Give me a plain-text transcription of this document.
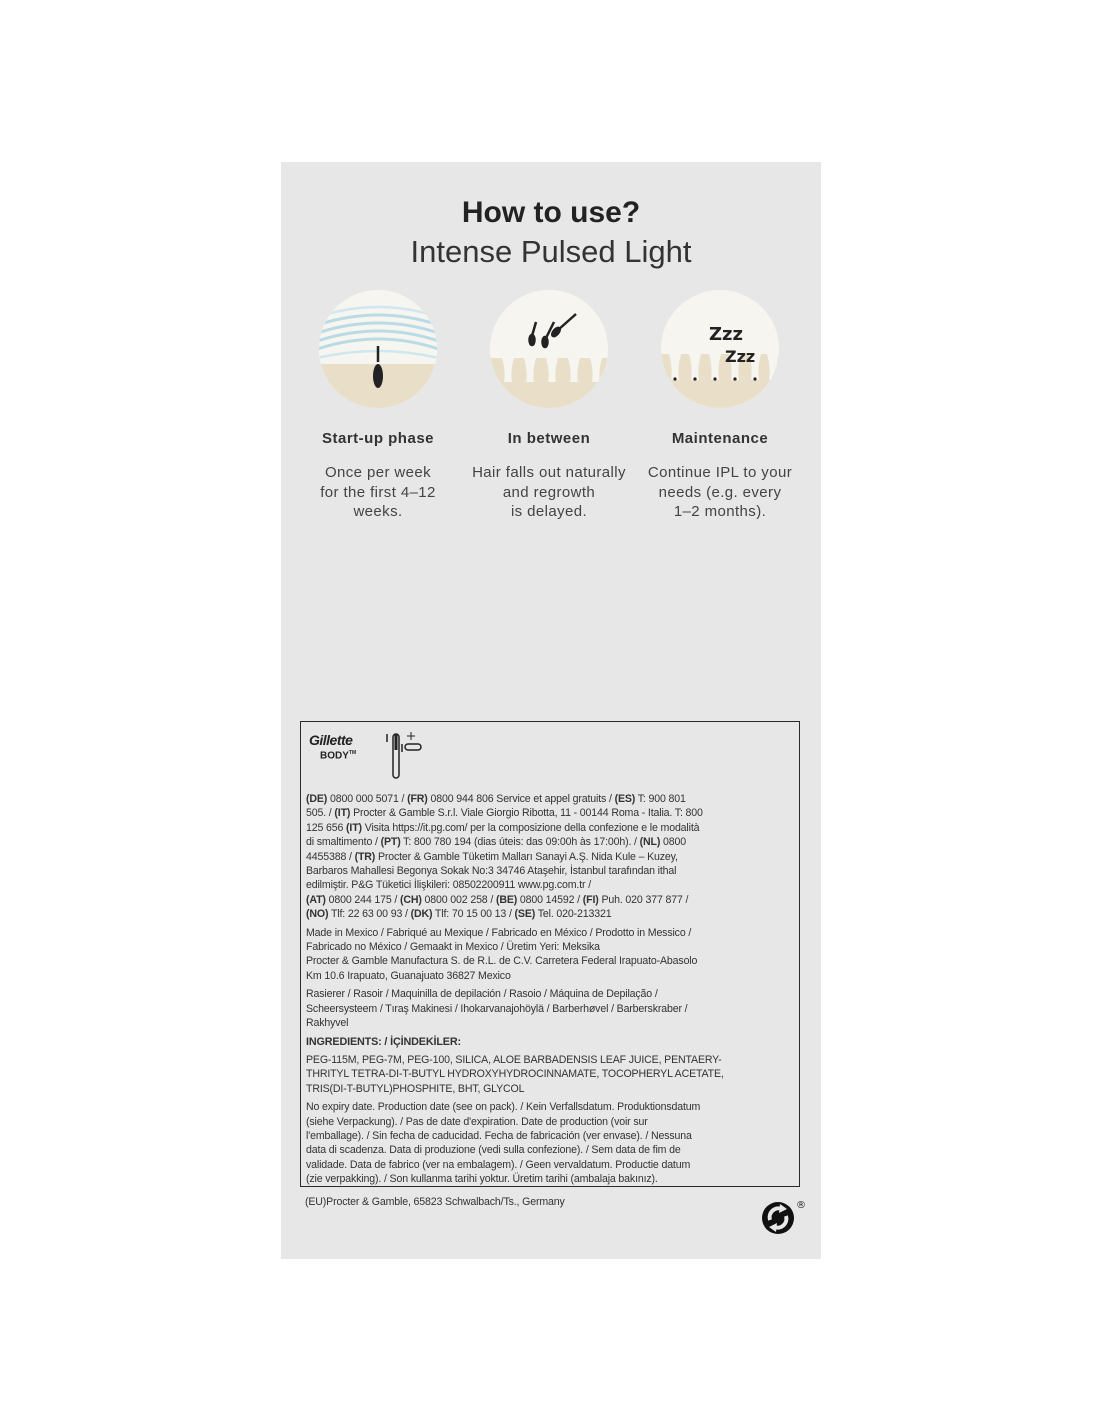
How to use?
Intense Pulsed Light
Start-up phase
Once per week
for the first 4–12
weeks.
In between
Hair falls out naturally
and regrowth
is delayed.
Zzz
Zzz
Maintenance
Continue IPL to your
needs (e.g. every
1–2 months).
Gillette
BODY™
(DE) 0800 000 5071 / (FR) 0800 944 806 Service et appel gratuits / (ES) T: 900 801
505. / (IT) Procter & Gamble S.r.l. Viale Giorgio Ribotta, 11 - 00144 Roma - Italia. T: 800
125 656 (IT) Visita https://it.pg.com/ per la composizione della confezione e le modalità
di smaltimento / (PT) T: 800 780 194 (dias úteis: das 09:00h às 17:00h). / (NL) 0800
4455388 / (TR) Procter & Gamble Tüketim Malları Sanayi A.Ş. Nida Kule – Kuzey,
Barbaros Mahallesi Begonya Sokak No:3 34746 Ataşehir, İstanbul tarafından ithal
edilmiştir. P&G Tüketici İlişkileri: 08502200911 www.pg.com.tr /
(AT) 0800 244 175 / (CH) 0800 002 258 / (BE) 0800 14592 / (FI) Puh. 020 377 877 /
(NO) Tlf: 22 63 00 93 / (DK) Tlf: 70 15 00 13 / (SE) Tel. 020-213321
Made in Mexico / Fabriqué au Mexique / Fabricado en México / Prodotto in Messico /
Fabricado no México / Gemaakt in Mexico / Üretim Yeri: Meksika
Procter & Gamble Manufactura S. de R.L. de C.V. Carretera Federal Irapuato-Abasolo
Km 10.6 Irapuato, Guanajuato 36827 Mexico
Rasierer / Rasoir / Maquinilla de depilación / Rasoio / Máquina de Depilação /
Scheersysteem / Tıraş Makinesi / Ihokarvanajohöylä / Barberhøvel / Barberskraber /
Rakhyvel
INGREDIENTS: / İÇİNDEKİLER:
PEG-115M, PEG-7M, PEG-100, SILICA, ALOE BARBADENSIS LEAF JUICE, PENTAERY-
THRITYL TETRA-DI-T-BUTYL HYDROXYHYDROCINNAMATE, TOCOPHERYL ACETATE,
TRIS(DI-T-BUTYL)PHOSPHITE, BHT, GLYCOL
No expiry date. Production date (see on pack). / Kein Verfallsdatum. Produktionsdatum
(siehe Verpackung). / Pas de date d'expiration. Date de production (voir sur
l'emballage). / Sin fecha de caducidad. Fecha de fabricación (ver envase). / Nessuna
data di scadenza. Data di produzione (vedi sulla confezione). / Sem data de fim de
validade. Data de fabrico (ver na embalagem). / Geen vervaldatum. Productie datum
(zie verpakking). / Son kullanma tarihi yoktur. Üretim tarihi (ambalaja bakınız).
(EU)Procter & Gamble, 65823 Schwalbach/Ts., Germany	®
